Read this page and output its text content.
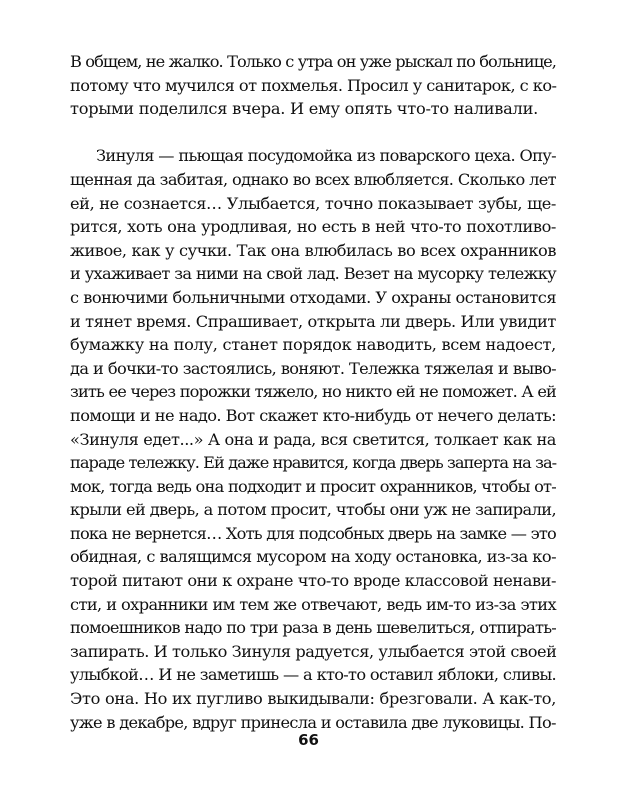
В общем, не жалко. Только с утра он уже рыскал по больнице,
потому что мучился от похмелья. Просил у санитарок, с ко-
торыми поделился вчера. И ему опять что-то наливали.
Зинуля — пьющая посудомойка из поварского цеха. Опу-
щенная да забитая, однако во всех влюбляется. Сколько лет
ей, не сознается… Улыбается, точно показывает зубы, ще-
рится, хоть она уродливая, но есть в ней что-то похотливо-
живое, как у сучки. Так она влюбилась во всех охранников
и ухаживает за ними на свой лад. Везет на мусорку тележку
с вонючими больничными отходами. У охраны остановится
и тянет время. Спрашивает, открыта ли дверь. Или увидит
бумажку на полу, станет порядок наводить, всем надоест,
да и бочки-то застоялись, воняют. Тележка тяжелая и выво-
зить ее через порожки тяжело, но никто ей не поможет. А ей
помощи и не надо. Вот скажет кто-нибудь от нечего делать:
«Зинуля едет...» А она и рада, вся светится, толкает как на
параде тележку. Ей даже нравится, когда дверь заперта на за-
мок, тогда ведь она подходит и просит охранников, чтобы от-
крыли ей дверь, а потом просит, чтобы они уж не запирали,
пока не вернется… Хоть для подсобных дверь на замке — это
обидная, с валящимся мусором на ходу остановка, из-за ко-
торой питают они к охране что-то вроде классовой ненави-
сти, и охранники им тем же отвечают, ведь им-то из-за этих
помоешников надо по три раза в день шевелиться, отпирать-
запирать. И только Зинуля радуется, улыбается этой своей
улыбкой… И не заметишь — а кто-то оставил яблоки, сливы.
Это она. Но их пугливо выкидывали: брезговали. А как-то,
уже в декабре, вдруг принесла и оставила две луковицы. По-
66
